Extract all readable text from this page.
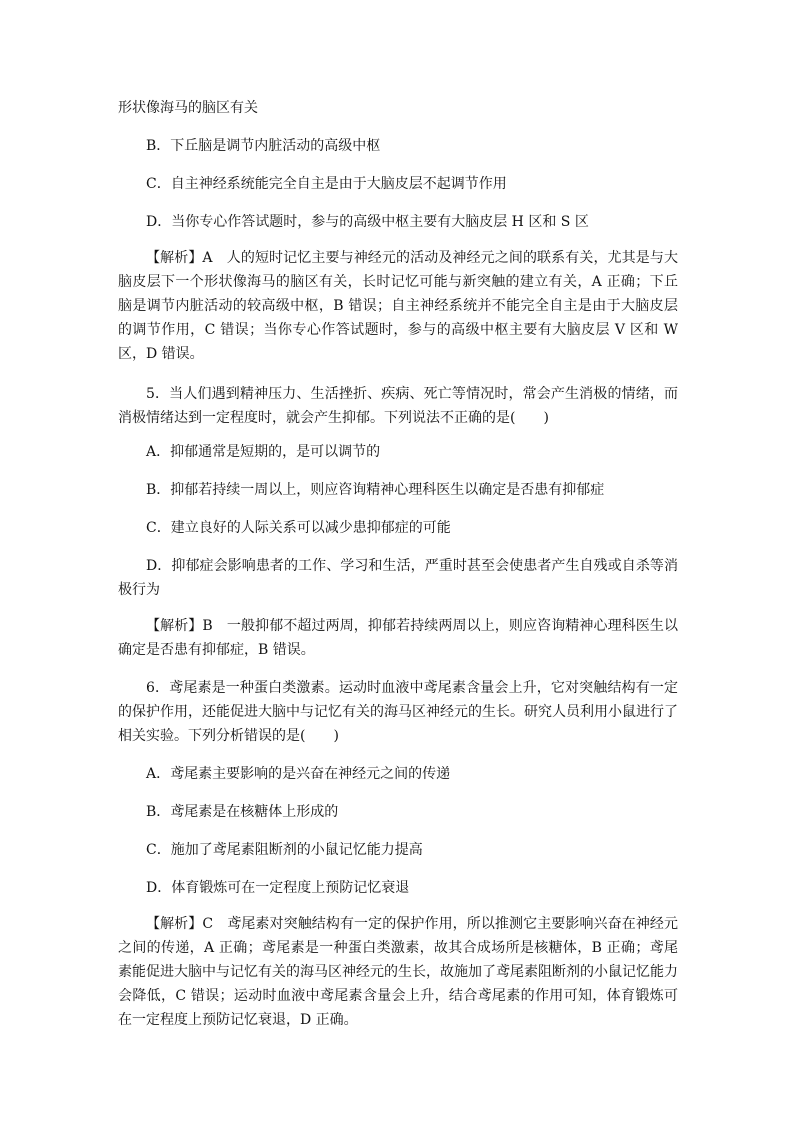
形状像海马的脑区有关

B．下丘脑是调节内脏活动的高级中枢

C．自主神经系统能完全自主是由于大脑皮层不起调节作用

D．当你专心作答试题时，参与的高级中枢主要有大脑皮层 H 区和 S 区

【解析】A　人的短时记忆主要与神经元的活动及神经元之间的联系有关，尤其是与大脑皮层下一个形状像海马的脑区有关，长时记忆可能与新突触的建立有关，A 正确；下丘脑是调节内脏活动的较高级中枢，B 错误；自主神经系统并不能完全自主是由于大脑皮层的调节作用，C 错误；当你专心作答试题时，参与的高级中枢主要有大脑皮层 V 区和 W 区，D 错误。

5．当人们遇到精神压力、生活挫折、疾病、死亡等情况时，常会产生消极的情绪，而消极情绪达到一定程度时，就会产生抑郁。下列说法不正确的是(　　)

A．抑郁通常是短期的，是可以调节的

B．抑郁若持续一周以上，则应咨询精神心理科医生以确定是否患有抑郁症

C．建立良好的人际关系可以减少患抑郁症的可能

D．抑郁症会影响患者的工作、学习和生活，严重时甚至会使患者产生自残或自杀等消极行为

【解析】B　一般抑郁不超过两周，抑郁若持续两周以上，则应咨询精神心理科医生以确定是否患有抑郁症，B 错误。

6．鸢尾素是一种蛋白类激素。运动时血液中鸢尾素含量会上升，它对突触结构有一定的保护作用，还能促进大脑中与记忆有关的海马区神经元的生长。研究人员利用小鼠进行了相关实验。下列分析错误的是(　　)

A．鸢尾素主要影响的是兴奋在神经元之间的传递

B．鸢尾素是在核糖体上形成的

C．施加了鸢尾素阻断剂的小鼠记忆能力提高

D．体育锻炼可在一定程度上预防记忆衰退

【解析】C　鸢尾素对突触结构有一定的保护作用，所以推测它主要影响兴奋在神经元之间的传递，A 正确；鸢尾素是一种蛋白类激素，故其合成场所是核糖体，B 正确；鸢尾素能促进大脑中与记忆有关的海马区神经元的生长，故施加了鸢尾素阻断剂的小鼠记忆能力会降低，C 错误；运动时血液中鸢尾素含量会上升，结合鸢尾素的作用可知，体育锻炼可在一定程度上预防记忆衰退，D 正确。
